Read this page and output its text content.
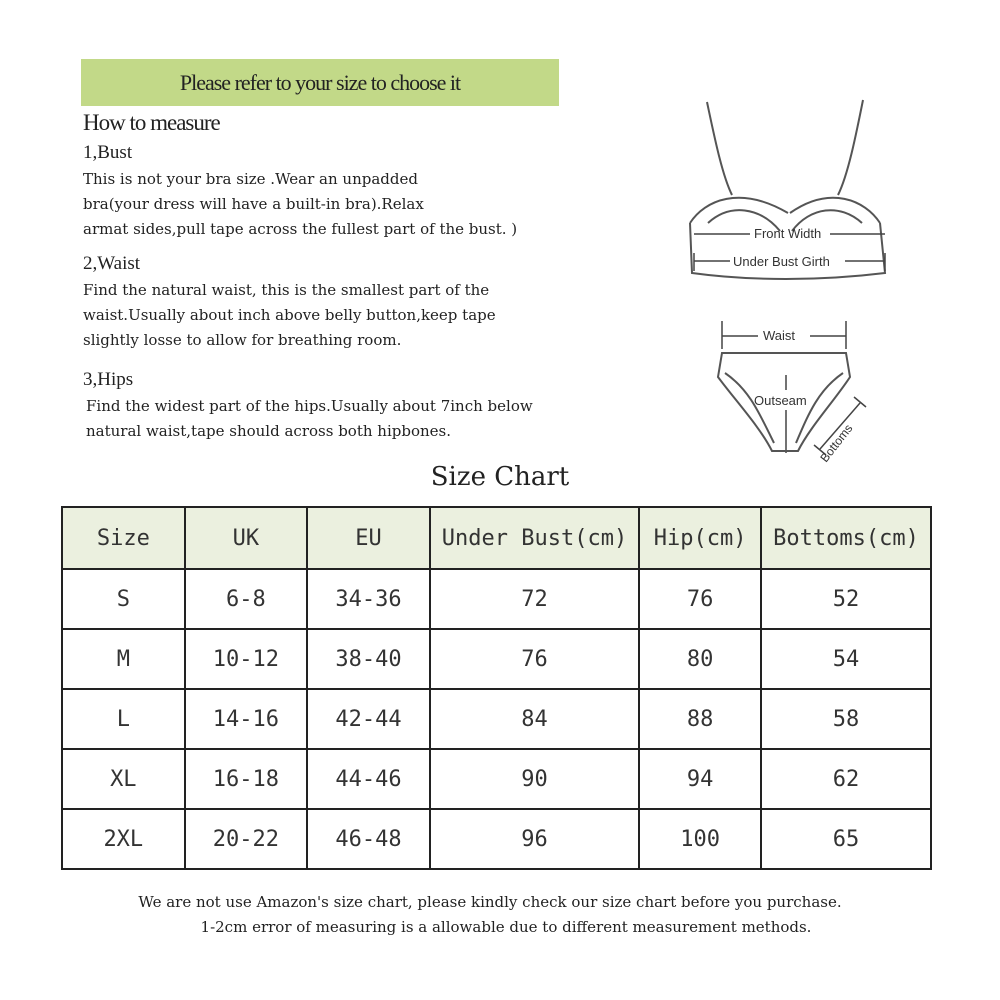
Please refer to your size to choose it
How to measure
1,Bust
This is not your bra size .Wear an unpadded
bra(your dress will have a built-in bra).Relax
armat sides,pull tape across the fullest part of the bust. )
2,Waist
Find the natural waist, this is the smallest part of the
waist.Usually about inch above belly button,keep tape
slightly losse to allow for breathing room.
3,Hips
Find the widest part of the hips.Usually about 7inch below
natural waist,tape should across both hipbones.
Front Width
Under Bust Girth
Waist
Outseam
Bottoms
Size Chart
Size	UK	EU	Under Bust(cm)	Hip(cm)	Bottoms(cm)
S	6-8	34-36	72	76	52
M	10-12	38-40	76	80	54
L	14-16	42-44	84	88	58
XL	16-18	44-46	90	94	62
2XL	20-22	46-48	96	100	65
We are not use Amazon's size chart, please kindly check our size chart before you purchase.
1-2cm error of measuring is a allowable due to different measurement methods.
